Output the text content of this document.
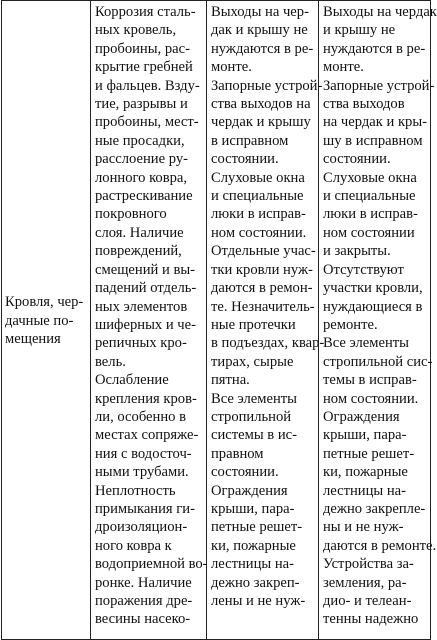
Кровля, чер-
дачные по-
мещения

Коррозия сталь-
ных кровель,
пробоины, рас-
крытие гребней
и фальцев. Взду-
тие, разрывы и
пробоины, мест-
ные просадки,
расслоение ру-
лонного ковра,
растрескивание
покровного
слоя. Наличие
повреждений,
смещений и вы-
падений отдель-
ных элементов
шиферных и че-
репичных кро-
вель.
Ослабление
крепления кров-
ли, особенно в
местах сопряже-
ния с водосточ-
ными трубами.
Неплотность
примыкания ги-
дроизоляцион-
ного ковра к
водоприемной во-
ронке. Наличие
поражения дре-
весины насеко-

Выходы на чер-
дак и крышу не
нуждаются в ре-
монте.
Запорные устрой-
ства выходов на
чердак и крышу
в исправном
состоянии.
Слуховые окна
и специальные
люки в исправ-
ном состоянии.
Отдельные учас-
тки кровли нуж-
даются в ремон-
те. Незначитель-
ные протечки
в подъездах, квар-
тирах, сырые
пятна.
Все элементы
стропильной
системы в ис-
правном
состоянии.
Ограждения
крыши, пара-
петные решет-
ки, пожарные
лестницы на-
дежно закреп-
лены и не нуж-

Выходы на чердак
и крышу не
нуждаются в ре-
монте.
Запорные устрой-
ства выходов
на чердак и кры-
шу в исправном
состоянии.
Слуховые окна
и специальные
люки в исправ-
ном состоянии
и закрыты.
Отсутствуют
участки кровли,
нуждающиеся в
ремонте.
Все элементы
стропильной сис-
темы в исправ-
ном состоянии.
Ограждения
крыши, пара-
петные решет-
ки, пожарные
лестницы на-
дежно закрепле-
ны и не нуж-
даются в ремонте.
Устройства за-
земления, ра-
дио- и телеан-
тенны надежно
